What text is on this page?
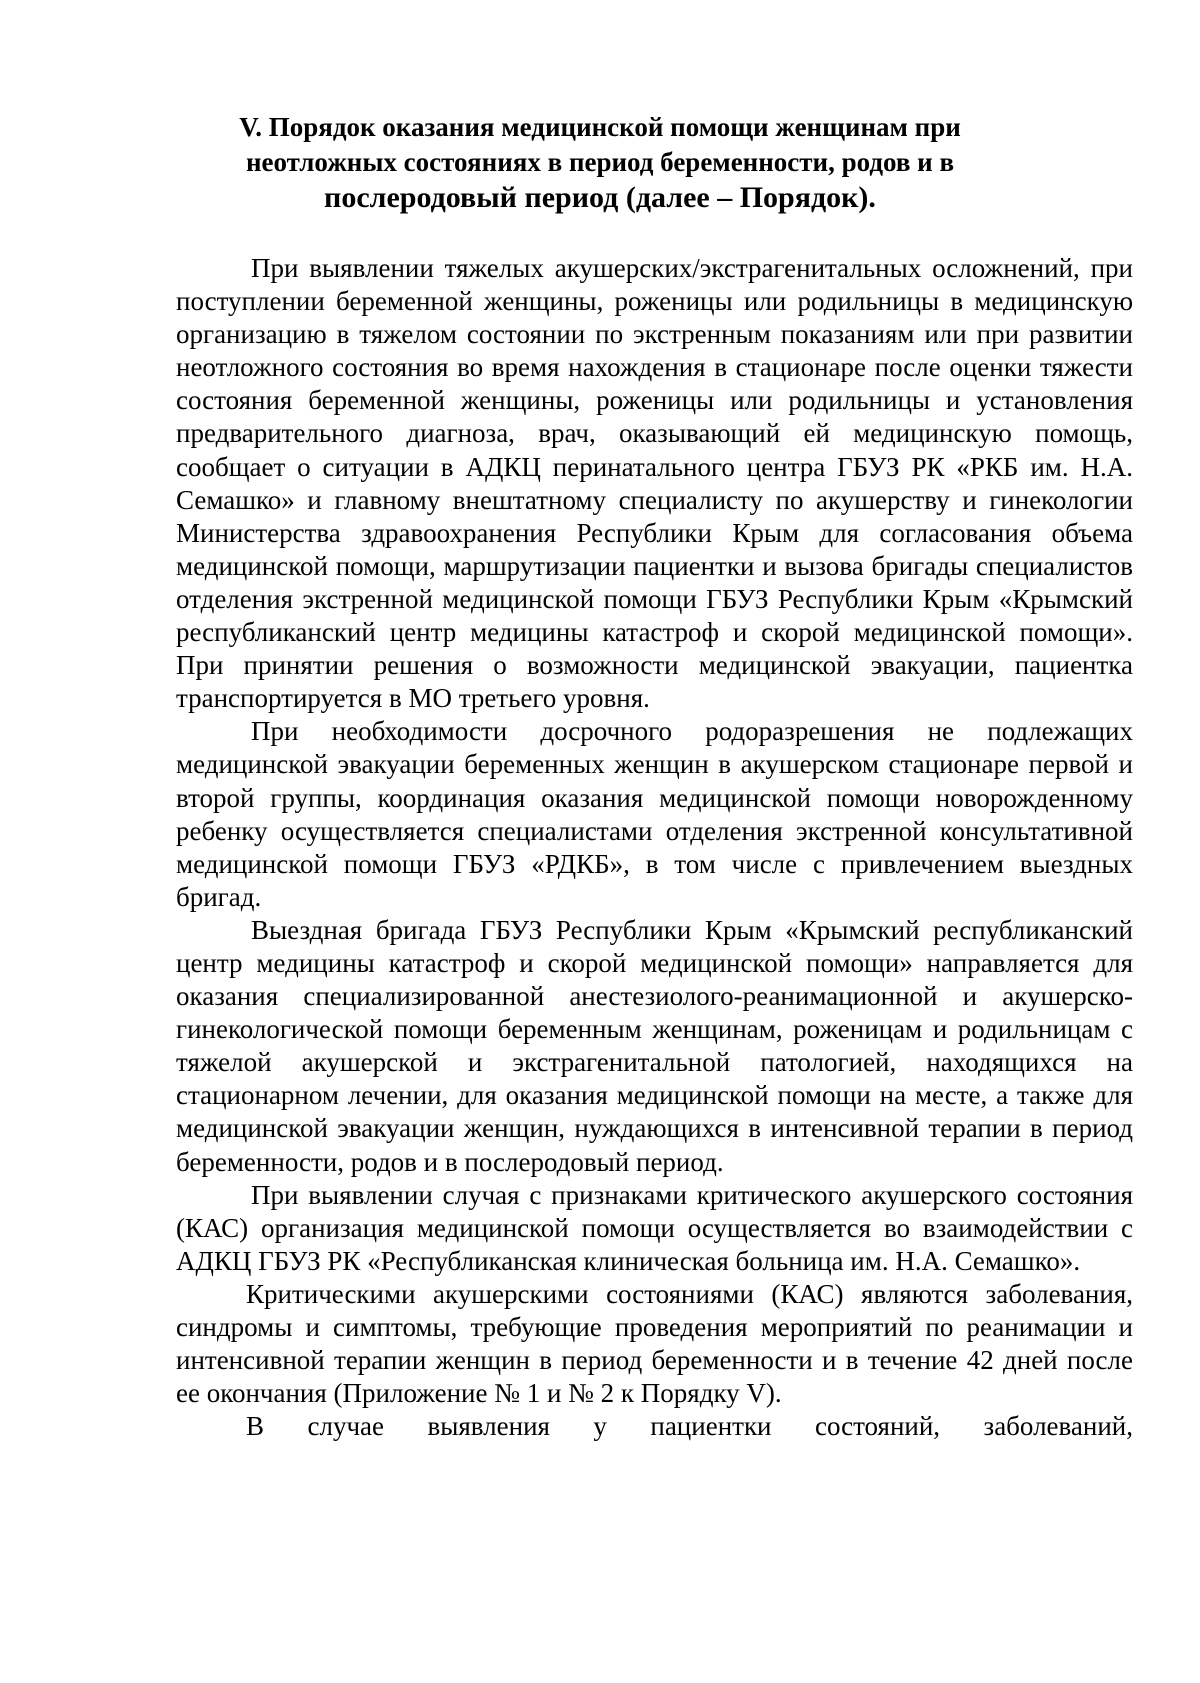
V. Порядок оказания медицинской помощи женщинам при
неотложных состояниях в период беременности, родов и в
послеродовый период (далее – Порядок).

При выявлении тяжелых акушерских/экстрагенитальных осложнений, при поступлении беременной женщины, роженицы или родильницы в медицинскую организацию в тяжелом состоянии по экстренным показаниям или при развитии неотложного состояния во время нахождения в стационаре после оценки тяжести состояния беременной женщины, роженицы или родильницы и установления предварительного диагноза, врач, оказывающий ей медицинскую помощь, сообщает о ситуации в АДКЦ перинатального центра ГБУЗ РК «РКБ им. Н.А. Семашко» и главному внештатному специалисту по акушерству и гинекологии Министерства здравоохранения Республики Крым для согласования объема медицинской помощи, маршрутизации пациентки и вызова бригады специалистов отделения экстренной медицинской помощи ГБУЗ Республики Крым «Крымский республиканский центр медицины катастроф и скорой медицинской помощи». При принятии решения о возможности медицинской эвакуации, пациентка транспортируется в МО третьего уровня.

При необходимости досрочного родоразрешения не подлежащих медицинской эвакуации беременных женщин в акушерском стационаре первой и второй группы, координация оказания медицинской помощи новорожденному ребенку осуществляется специалистами отделения экстренной консультативной медицинской помощи ГБУЗ «РДКБ», в том числе с привлечением выездных бригад.

Выездная бригада ГБУЗ Республики Крым «Крымский республиканский центр медицины катастроф и скорой медицинской помощи» направляется для оказания специализированной анестезиолого-реанимационной и акушерско-гинекологической помощи беременным женщинам, роженицам и родильницам с тяжелой акушерской и экстрагенитальной патологией, находящихся на стационарном лечении, для оказания медицинской помощи на месте, а также для медицинской эвакуации женщин, нуждающихся в интенсивной терапии в период беременности, родов и в послеродовый период.

При выявлении случая с признаками критического акушерского состояния (КАС) организация медицинской помощи осуществляется во взаимодействии с АДКЦ ГБУЗ РК «Республиканская клиническая больница им. Н.А. Семашко».

Критическими акушерскими состояниями (КАС) являются заболевания, синдромы и симптомы, требующие проведения мероприятий по реанимации и интенсивной терапии женщин в период беременности и в течение 42 дней после ее окончания (Приложение № 1 и № 2 к Порядку V).

В случае выявления у пациентки состояний, заболеваний,
